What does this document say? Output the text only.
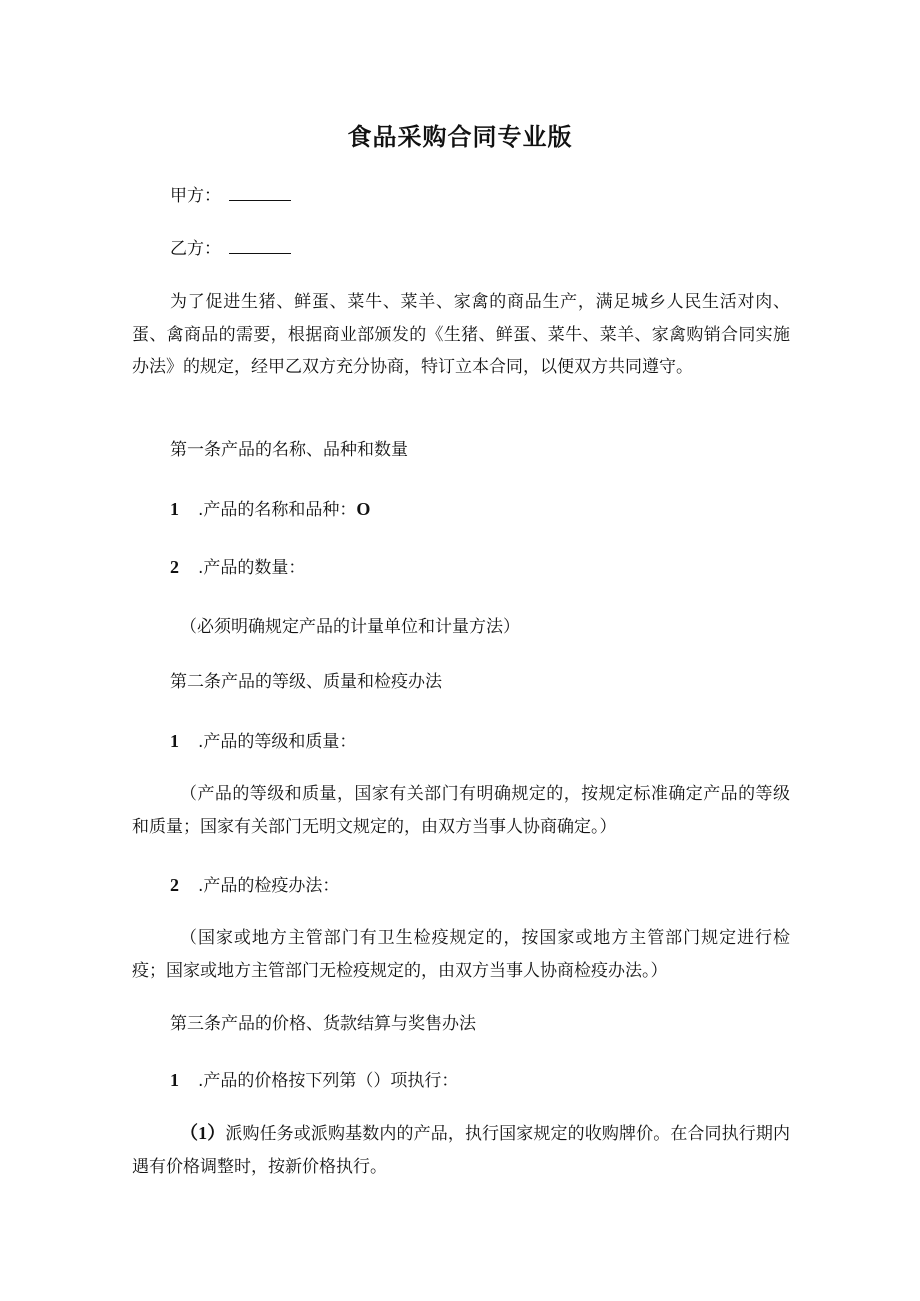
食品采购合同专业版
甲方：
乙方：
为了促进生猪、鲜蛋、菜牛、菜羊、家禽的商品生产，满足城乡人民生活对肉、蛋、禽商品的需要，根据商业部颁发的《生猪、鲜蛋、菜牛、菜羊、家禽购销合同实施办法》的规定，经甲乙双方充分协商，特订立本合同，以便双方共同遵守。
第一条产品的名称、品种和数量
1 .产品的名称和品种：O
2 .产品的数量：
（必须明确规定产品的计量单位和计量方法）
第二条产品的等级、质量和检疫办法
1 .产品的等级和质量：
（产品的等级和质量，国家有关部门有明确规定的，按规定标准确定产品的等级和质量；国家有关部门无明文规定的，由双方当事人协商确定。）
2 .产品的检疫办法：
（国家或地方主管部门有卫生检疫规定的，按国家或地方主管部门规定进行检疫；国家或地方主管部门无检疫规定的，由双方当事人协商检疫办法。）
第三条产品的价格、货款结算与奖售办法
1 .产品的价格按下列第（）项执行：
（1）派购任务或派购基数内的产品，执行国家规定的收购牌价。在合同执行期内遇有价格调整时，按新价格执行。
